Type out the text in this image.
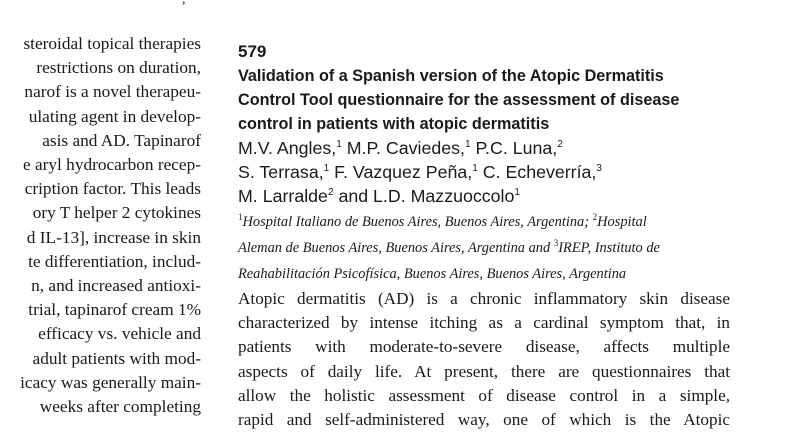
steroidal topical therapies
restrictions on duration,
narof is a novel therapeu-
ulating agent in develop-
asis and AD. Tapinarof
e aryl hydrocarbon recep-
cription factor. This leads
ory T helper 2 cytokines
d IL-13], increase in skin
te differentiation, includ-
n, and increased antioxi-
trial, tapinarof cream 1%
efficacy vs. vehicle and
adult patients with mod-
icacy was generally main-
weeks after completing
579
Validation of a Spanish version of the Atopic Dermatitis
Control Tool questionnaire for the assessment of disease
control in patients with atopic dermatitis
M.V. Angles,$^1$ M.P. Caviedes,$^1$ P.C. Luna,$^2$
S. Terrasa,$^1$ F. Vazquez Peña,$^1$ C. Echeverría,$^3$
M. Larralde$^2$ and L.D. Mazzuoccolo$^1$
$^1$Hospital Italiano de Buenos Aires, Buenos Aires, Argentina; $^2$Hospital
Aleman de Buenos Aires, Buenos Aires, Argentina and $^3$IREP, Instituto de
Reahabilitación Psicofísica, Buenos Aires, Buenos Aires, Argentina
Atopic dermatitis (AD) is a chronic inflammatory skin disease
characterized by intense itching as a cardinal symptom that, in
patients with moderate-to-severe disease, affects multiple
aspects of daily life. At present, there are questionnaires that
allow the holistic assessment of disease control in a simple,
rapid and self-administered way, one of which is the Atopic
